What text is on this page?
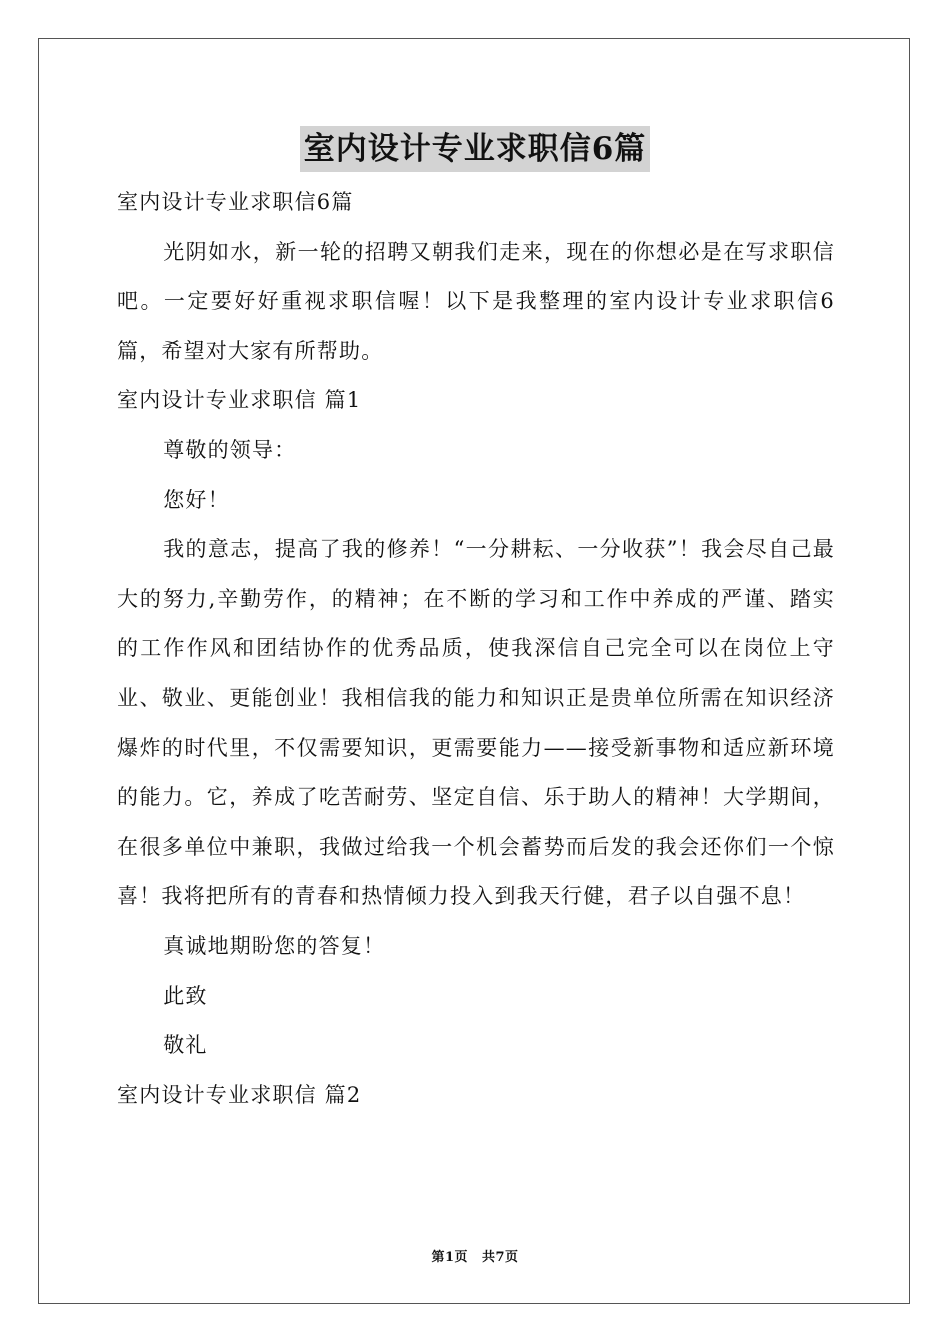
室内设计专业求职信6篇

室内设计专业求职信6篇

光阴如水，新一轮的招聘又朝我们走来，现在的你想必是在写求职信吧。一定要好好重视求职信喔！以下是我整理的室内设计专业求职信6篇，希望对大家有所帮助。

室内设计专业求职信 篇1

尊敬的领导：

您好！

我的意志，提高了我的修养！“一分耕耘、一分收获”！我会尽自己最大的努力,辛勤劳作，的精神；在不断的学习和工作中养成的严谨、踏实的工作作风和团结协作的优秀品质，使我深信自己完全可以在岗位上守业、敬业、更能创业！我相信我的能力和知识正是贵单位所需在知识经济爆炸的时代里，不仅需要知识，更需要能力——接受新事物和适应新环境的能力。它，养成了吃苦耐劳、坚定自信、乐于助人的精神！大学期间，在很多单位中兼职，我做过给我一个机会蓄势而后发的我会还你们一个惊喜！我将把所有的青春和热情倾力投入到我天行健，君子以自强不息！

真诚地期盼您的答复！

此致

敬礼

室内设计专业求职信 篇2

第1页 共7页
